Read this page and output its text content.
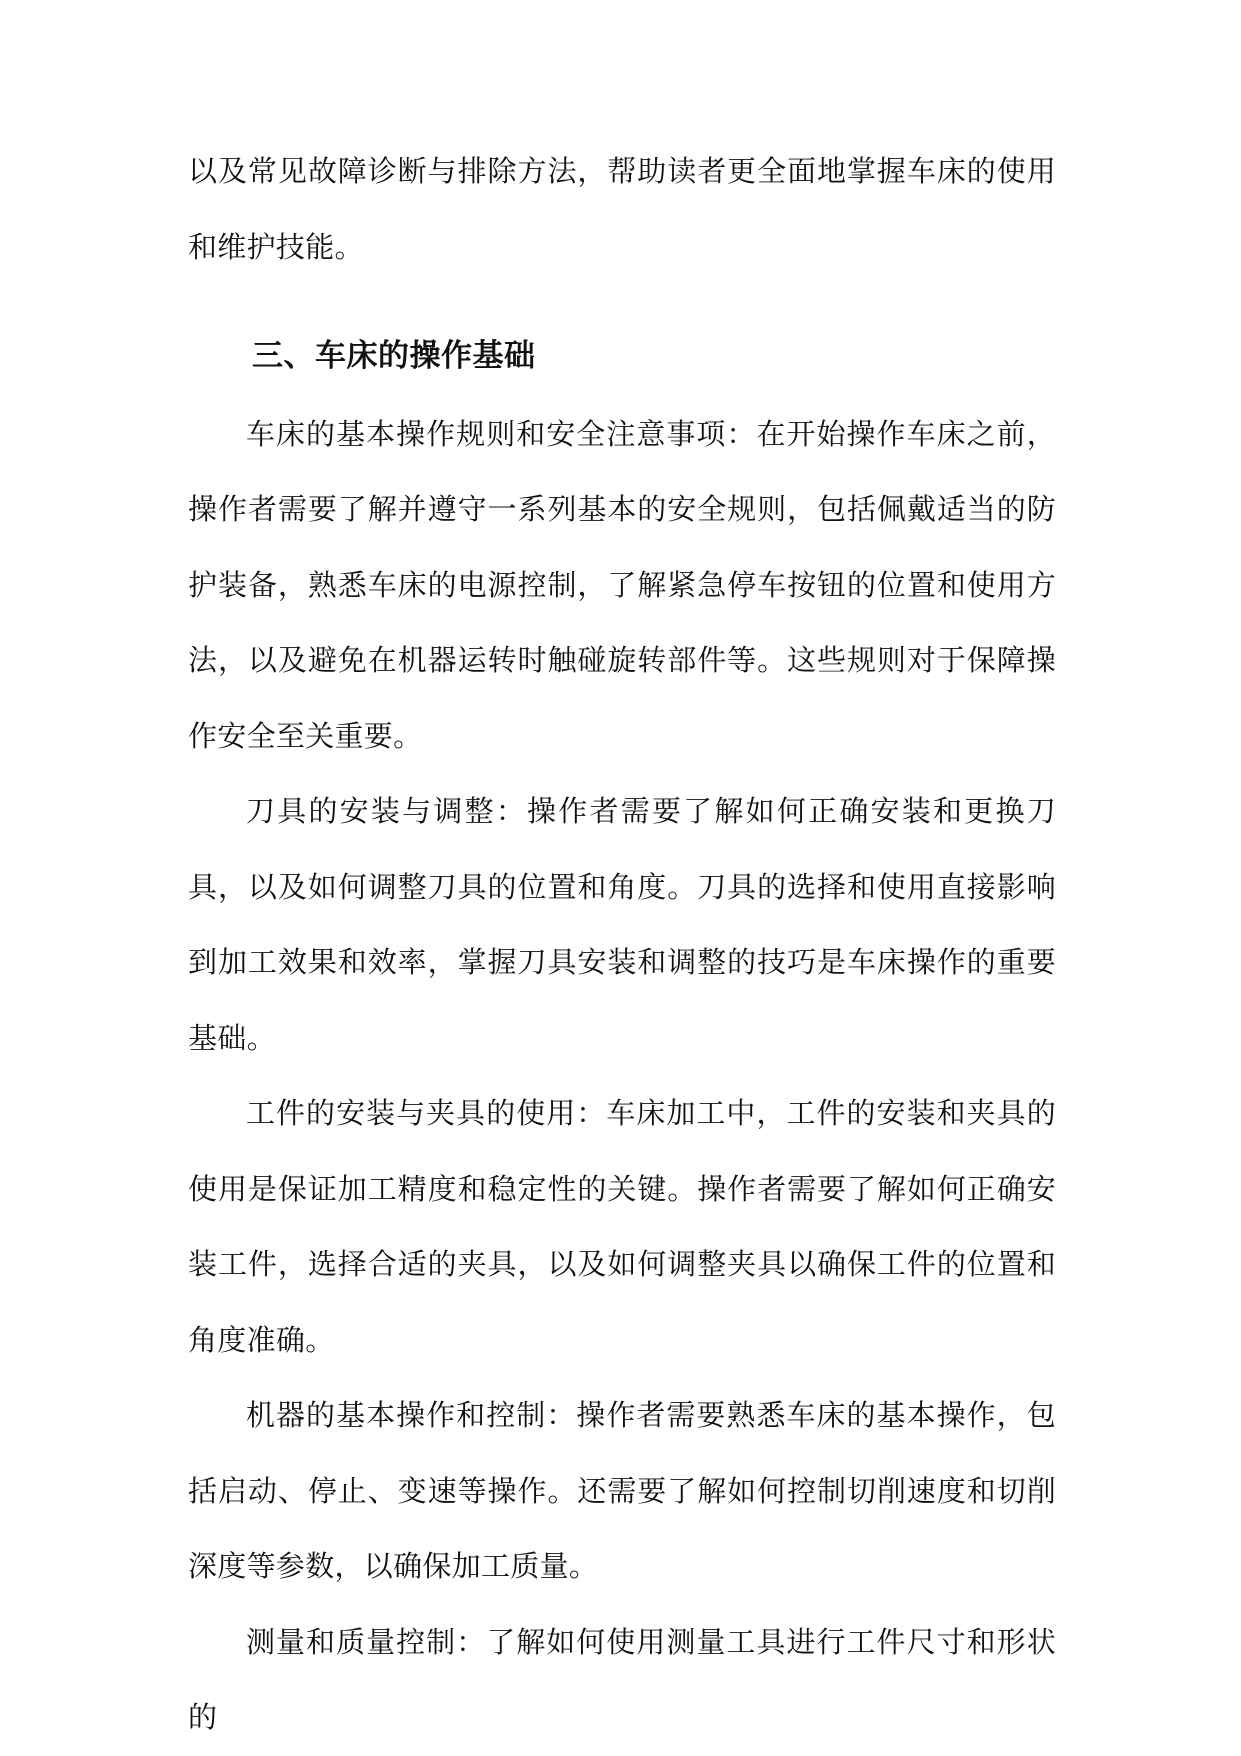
以及常见故障诊断与排除方法，帮助读者更全面地掌握车床的使用和维护技能。

三、车床的操作基础

车床的基本操作规则和安全注意事项：在开始操作车床之前，操作者需要了解并遵守一系列基本的安全规则，包括佩戴适当的防护装备，熟悉车床的电源控制，了解紧急停车按钮的位置和使用方法，以及避免在机器运转时触碰旋转部件等。这些规则对于保障操作安全至关重要。

刀具的安装与调整：操作者需要了解如何正确安装和更换刀具，以及如何调整刀具的位置和角度。刀具的选择和使用直接影响到加工效果和效率，掌握刀具安装和调整的技巧是车床操作的重要基础。

工件的安装与夹具的使用：车床加工中，工件的安装和夹具的使用是保证加工精度和稳定性的关键。操作者需要了解如何正确安装工件，选择合适的夹具，以及如何调整夹具以确保工件的位置和角度准确。

机器的基本操作和控制：操作者需要熟悉车床的基本操作，包括启动、停止、变速等操作。还需要了解如何控制切削速度和切削深度等参数，以确保加工质量。

测量和质量控制：了解如何使用测量工具进行工件尺寸和形状的
